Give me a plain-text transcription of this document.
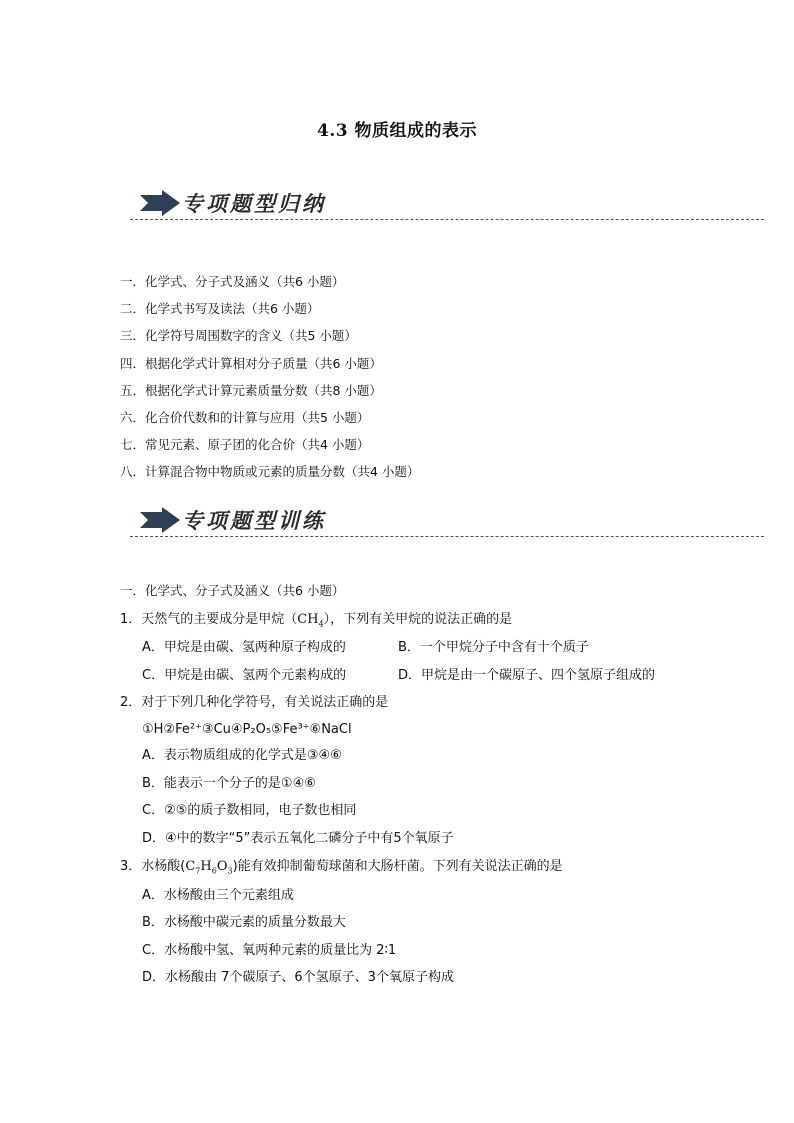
4.3 物质组成的表示
专项题型归纳
一．化学式、分子式及涵义（共6 小题）
二．化学式书写及读法（共6 小题）
三．化学符号周围数字的含义（共5 小题）
四．根据化学式计算相对分子质量（共6 小题）
五．根据化学式计算元素质量分数（共8 小题）
六．化合价代数和的计算与应用（共5 小题）
七．常见元素、原子团的化合价（共4 小题）
八．计算混合物中物质或元素的质量分数（共4 小题）
专项题型训练
一．化学式、分子式及涵义（共6 小题）
1．天然气的主要成分是甲烷$(CH_4)$，下列有关甲烷的说法正确的是
A．甲烷是由碳、氢两种原子构成的	B．一个甲烷分子中含有十个质子
C．甲烷是由碳、氢两个元素构成的	D．甲烷是由一个碳原子、四个氢原子组成的
2．对于下列几种化学符号，有关说法正确的是
①H②Fe²⁺③Cu④P₂O₅⑤Fe³⁺⑥NaCl
A．表示物质组成的化学式是③④⑥
B．能表示一个分子的是①④⑥
C．②⑤的质子数相同，电子数也相同
D．④中的数字“5”表示五氧化二磷分子中有5个氧原子
3．水杨酸$(C_7H_6O_3)$能有效抑制葡萄球菌和大肠杆菌。下列有关说法正确的是
A．水杨酸由三个元素组成
B．水杨酸中碳元素的质量分数最大
C．水杨酸中氢、氧两种元素的质量比为 2∶1
D．水杨酸由 7个碳原子、6个氢原子、3个氧原子构成
